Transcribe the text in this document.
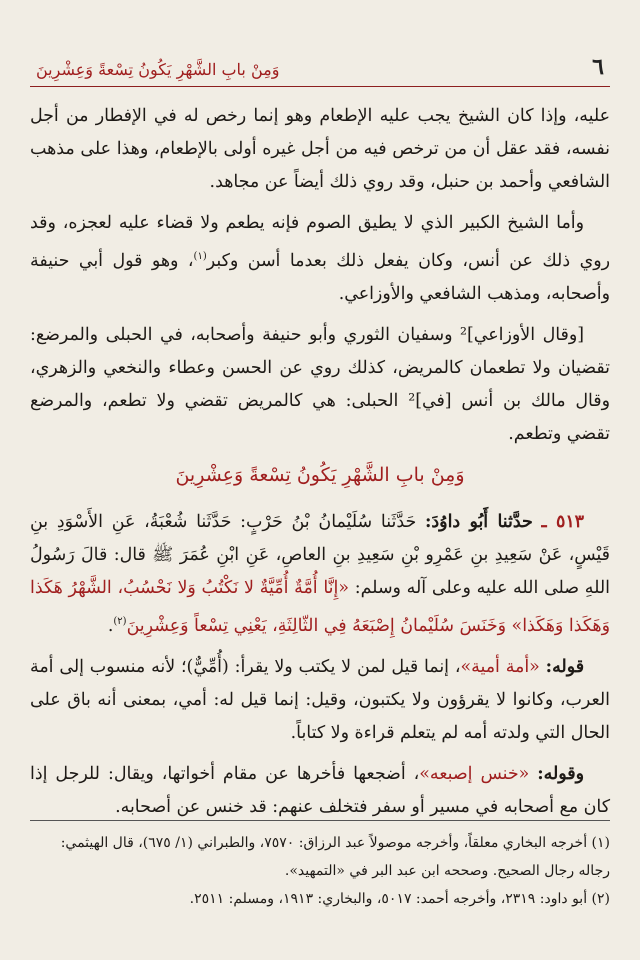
٦
وَمِنْ بابِ الشَّهْرِ يَكُونُ تِسْعةً وَعِشْرِينَ

عليه، وإذا كان الشيخ يجب عليه الإطعام وهو إنما رخص له في الإفطار من أجل نفسه، فقد عقل أن من ترخص فيه من أجل غيره أولى بالإطعام، وهذا على مذهب الشافعي وأحمد بن حنبل، وقد روي ذلك أيضاً عن مجاهد.

وأما الشيخ الكبير الذي لا يطيق الصوم فإنه يطعم ولا قضاء عليه لعجزه، وقد روي ذلك عن أنس، وكان يفعل ذلك بعدما أسن وكبر$^{(١)}$، وهو قول أبي حنيفة وأصحابه، ومذهب الشافعي والأوزاعي.

[وقال الأوزاعي]² وسفيان الثوري وأبو حنيفة وأصحابه، في الحبلى والمرضع: تقضيان ولا تطعمان كالمريض، كذلك روي عن الحسن وعطاء والنخعي والزهري، وقال مالك بن أنس [في]² الحبلى: هي كالمريض تقضي ولا تطعم، والمرضع تقضي وتطعم.

وَمِنْ بابِ الشَّهْرِ يَكُونُ تِسْعةً وَعِشْرِينَ

٥١٣ ـ حدَّثنا أَبُو داوُدَ: حَدَّثَنا سُلَيْمانُ بْنُ حَرْبٍ: حَدَّثَنا شُعْبَةُ، عَنِ الأَسْوَدِ بنِ قَيْسٍ، عَنْ سَعِيدِ بنِ عَمْرِو بْنِ سَعِيدِ بنِ العاصِ، عَنِ ابْنِ عُمَرَ ﷺ قال: قالَ رَسُولُ اللهِ صلى الله عليه وعلى آله وسلم: «إِنَّا أُمَّةٌ أُمِّيَّةٌ لا نَكْتُبُ وَلا نَحْسُبُ، الشَّهْرُ هَكَذا وَهَكَذا وَهَكَذا» وَخَنَسَ سُلَيْمانُ إِصْبَعَهُ فِي الثّالِثَةِ، يَعْنِي تِسْعاً وَعِشْرِينَ$^{(٢)}$.

قوله: «أمة أمية»، إنما قيل لمن لا يكتب ولا يقرأ: (أُمِّيٌّ)؛ لأنه منسوب إلى أمة العرب، وكانوا لا يقرؤون ولا يكتبون، وقيل: إنما قيل له: أمي، بمعنى أنه باق على الحال التي ولدته أمه لم يتعلم قراءة ولا كتاباً.

وقوله: «خنس إصبعه»، أضجعها فأخرها عن مقام أخواتها، ويقال: للرجل إذا كان مع أصحابه في مسير أو سفر فتخلف عنهم: قد خنس عن أصحابه.

(١) أخرجه البخاري معلقاً، وأخرجه موصولاً عبد الرزاق: ٧٥٧٠، والطبراني (١/ ٦٧٥)، قال الهيثمي: رجاله رجال الصحيح. وصححه ابن عبد البر في «التمهيد».

(٢) أبو داود: ٢٣١٩، وأخرجه أحمد: ٥٠١٧، والبخاري: ١٩١٣، ومسلم: ٢٥١١.
